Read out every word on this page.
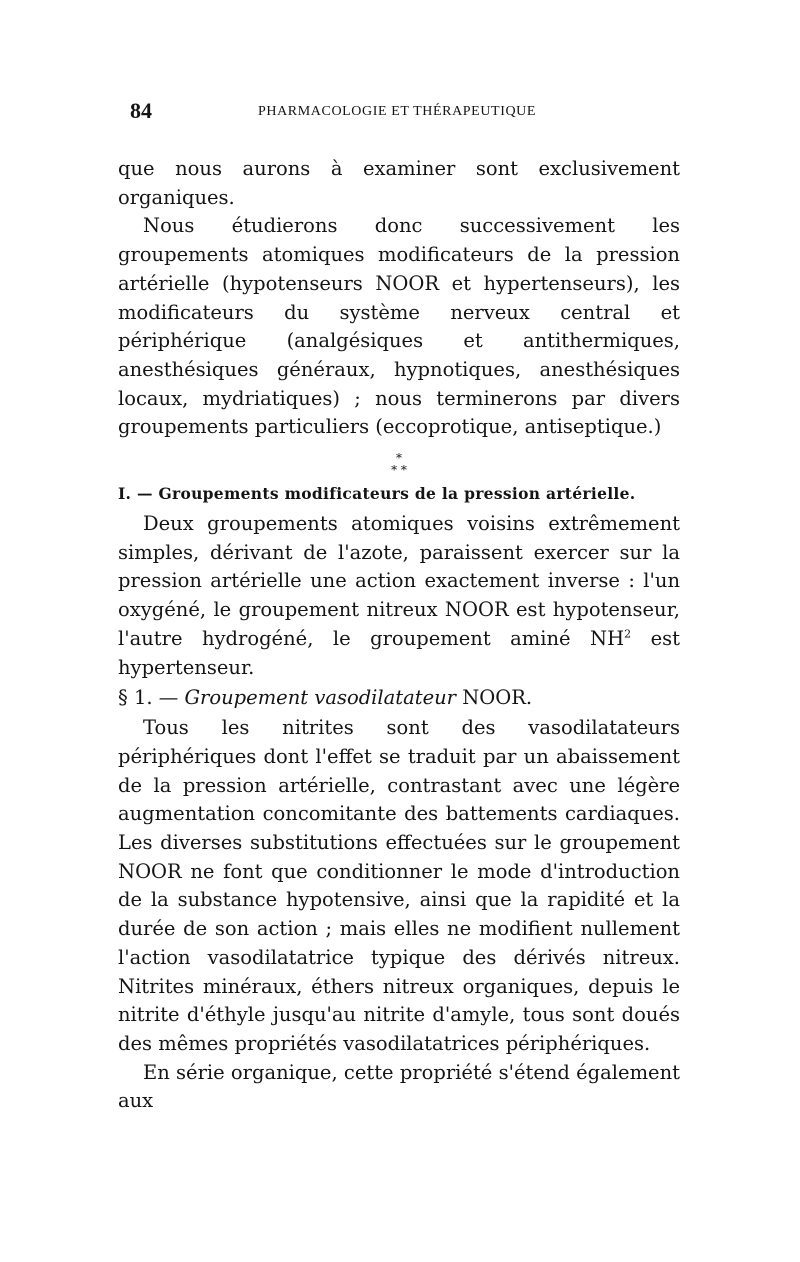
84	PHARMACOLOGIE ET THÉRAPEUTIQUE

que nous aurons à examiner sont exclusivement organiques.

Nous étudierons donc successivement les groupements atomiques modificateurs de la pression artérielle (hypotenseurs NOOR et hypertenseurs), les modificateurs du système nerveux central et périphérique (analgésiques et antithermiques, anesthésiques généraux, hypnotiques, anesthésiques locaux, mydriatiques) ; nous terminerons par divers groupements particuliers (eccoprotique, antiseptique.)

*
* *

I. — Groupements modificateurs de la pression artérielle.

Deux groupements atomiques voisins extrêmement simples, dérivant de l'azote, paraissent exercer sur la pression artérielle une action exactement inverse : l'un oxygéné, le groupement nitreux NOOR est hypotenseur, l'autre hydrogéné, le groupement aminé $NH^2$ est hypertenseur.

§ 1. — Groupement vasodilatateur NOOR.

Tous les nitrites sont des vasodilatateurs périphériques dont l'effet se traduit par un abaissement de la pression artérielle, contrastant avec une légère augmentation concomitante des battements cardiaques. Les diverses substitutions effectuées sur le groupement NOOR ne font que conditionner le mode d'introduction de la substance hypotensive, ainsi que la rapidité et la durée de son action ; mais elles ne modifient nullement l'action vasodilatatrice typique des dérivés nitreux. Nitrites minéraux, éthers nitreux organiques, depuis le nitrite d'éthyle jusqu'au nitrite d'amyle, tous sont doués des mêmes propriétés vasodilatatrices périphériques.

En série organique, cette propriété s'étend également aux
